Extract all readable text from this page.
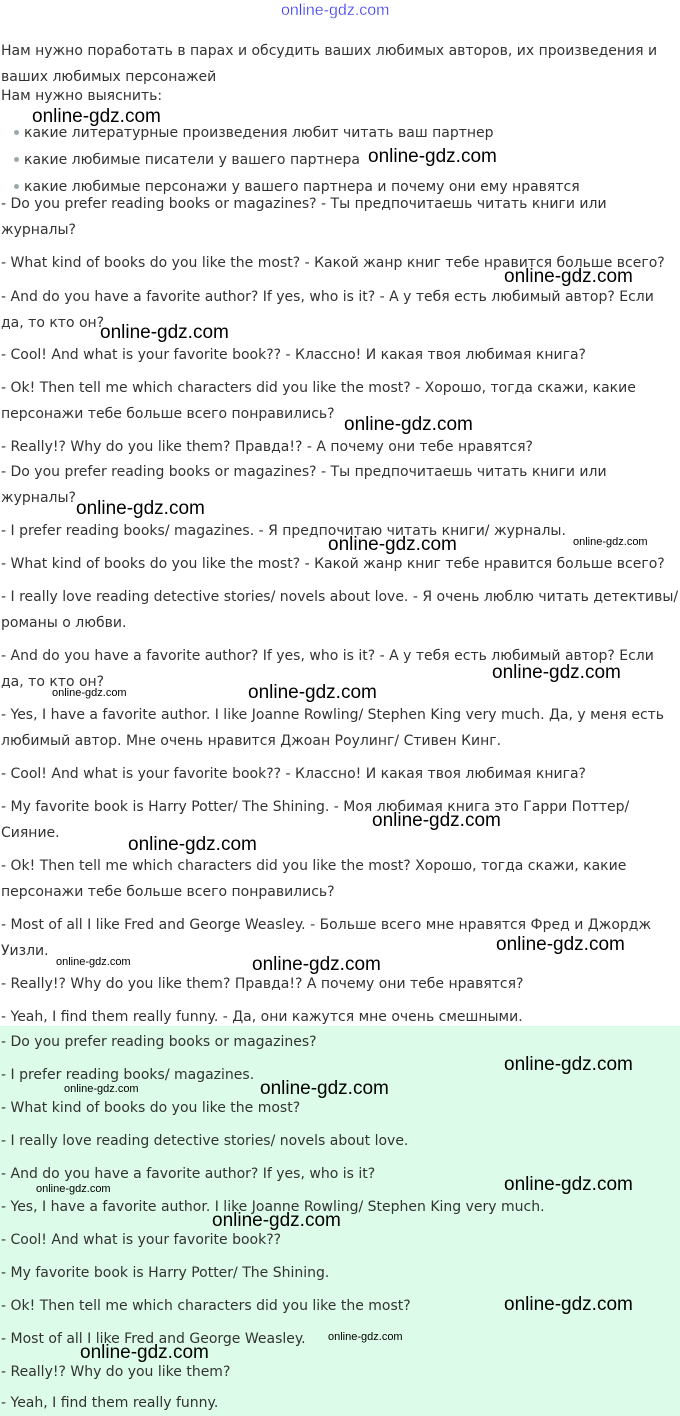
online-gdz.com
Нам нужно поработать в парах и обсудить ваших любимых авторов, их произведения и ваших любимых персонажей
Нам нужно выяснить:
какие литературные произведения любит читать ваш партнер
какие любимые писатели у вашего партнера
какие любимые персонажи у вашего партнера и почему они ему нравятся
- Do you prefer reading books or magazines? - Ты предпочитаешь читать книги или журналы?
- What kind of books do you like the most? - Какой жанр книг тебе нравится больше всего?
- And do you have a favorite author? If yes, who is it? - А у тебя есть любимый автор? Если да, то кто он?
- Cool! And what is your favorite book?? - Классно! И какая твоя любимая книга?
- Ok! Then tell me which characters did you like the most? - Хорошо, тогда скажи, какие персонажи тебе больше всего понравились?
- Really!? Why do you like them? Правда!? - А почему они тебе нравятся?
- Do you prefer reading books or magazines? - Ты предпочитаешь читать книги или журналы?
- I prefer reading books/ magazines. - Я предпочитаю читать книги/ журналы.
- What kind of books do you like the most? - Какой жанр книг тебе нравится больше всего?
- I really love reading detective stories/ novels about love. - Я очень люблю читать детективы/ романы о любви.
- And do you have a favorite author? If yes, who is it? - А у тебя есть любимый автор? Если да, то кто он?
- Yes, I have a favorite author. I like Joanne Rowling/ Stephen King very much. Да, у меня есть любимый автор. Мне очень нравится Джоан Роулинг/ Стивен Кинг.
- Cool! And what is your favorite book?? - Классно! И какая твоя любимая книга?
- My favorite book is Harry Potter/ The Shining. - Моя любимая книга это Гарри Поттер/ Сияние.
- Ok! Then tell me which characters did you like the most? Хорошо, тогда скажи, какие персонажи тебе больше всего понравились?
- Most of all I like Fred and George Weasley. - Больше всего мне нравятся Фред и Джордж Уизли.
- Really!? Why do you like them? Правда!? А почему они тебе нравятся?
- Yeah, I find them really funny. - Да, они кажутся мне очень смешными.
- Do you prefer reading books or magazines?
- I prefer reading books/ magazines.
- What kind of books do you like the most?
- I really love reading detective stories/ novels about love.
- And do you have a favorite author? If yes, who is it?
- Yes, I have a favorite author. I like Joanne Rowling/ Stephen King very much.
- Cool! And what is your favorite book??
- My favorite book is Harry Potter/ The Shining.
- Ok! Then tell me which characters did you like the most?
- Most of all I like Fred and George Weasley.
- Really!? Why do you like them?
- Yeah, I find them really funny.
online-gdz.com
online-gdz.com
online-gdz.com
online-gdz.com
online-gdz.com
online-gdz.com
online-gdz.com	online-gdz.com
online-gdz.com
online-gdz.com	online-gdz.com
online-gdz.com
online-gdz.com
online-gdz.com
online-gdz.com	online-gdz.com
online-gdz.com
online-gdz.com	online-gdz.com
online-gdz.com	online-gdz.com
online-gdz.com
online-gdz.com
online-gdz.com
online-gdz.com
